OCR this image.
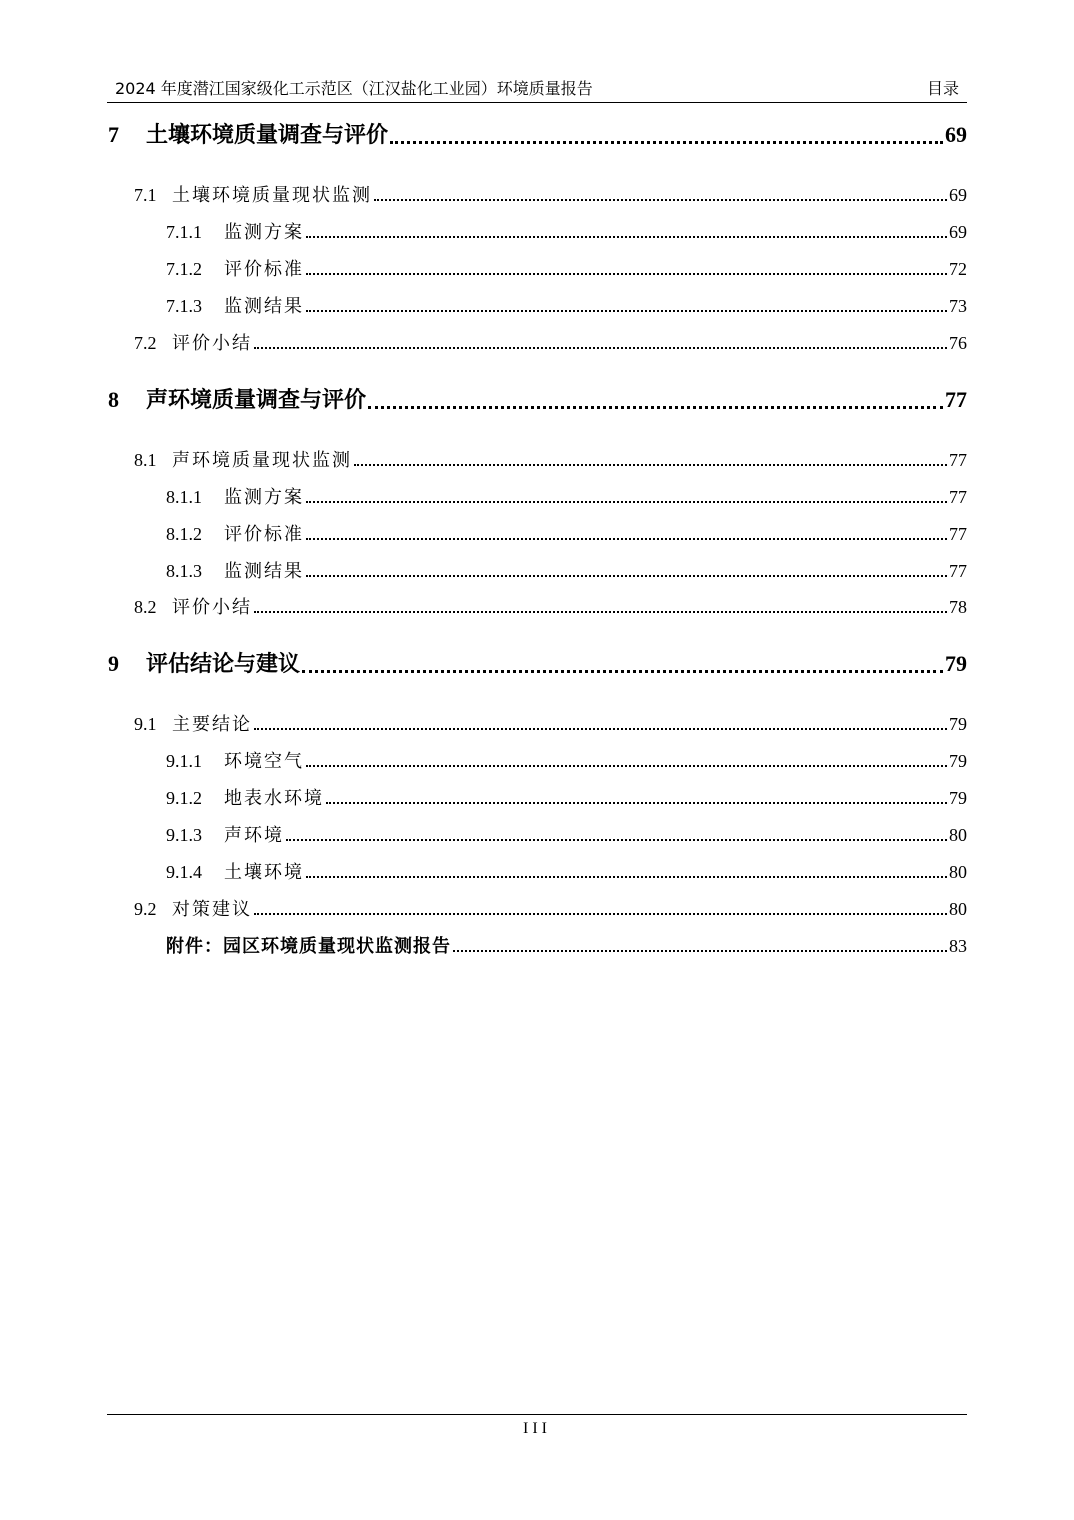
2024 年度潜江国家级化工示范区（江汉盐化工业园）环境质量报告	目录
7	土壤环境质量调查与评价	69
7.1 土壤环境质量现状监测	69
7.1.1	监测方案	69
7.1.2	评价标准	72
7.1.3	监测结果	73
7.2 评价小结	76
8	声环境质量调查与评价	77
8.1 声环境质量现状监测	77
8.1.1	监测方案	77
8.1.2	评价标准	77
8.1.3	监测结果	77
8.2 评价小结	78
9	评估结论与建议	79
9.1 主要结论	79
9.1.1	环境空气	79
9.1.2	地表水环境	79
9.1.3	声环境	80
9.1.4	土壤环境	80
9.2 对策建议	80
附件：园区环境质量现状监测报告	83
III
